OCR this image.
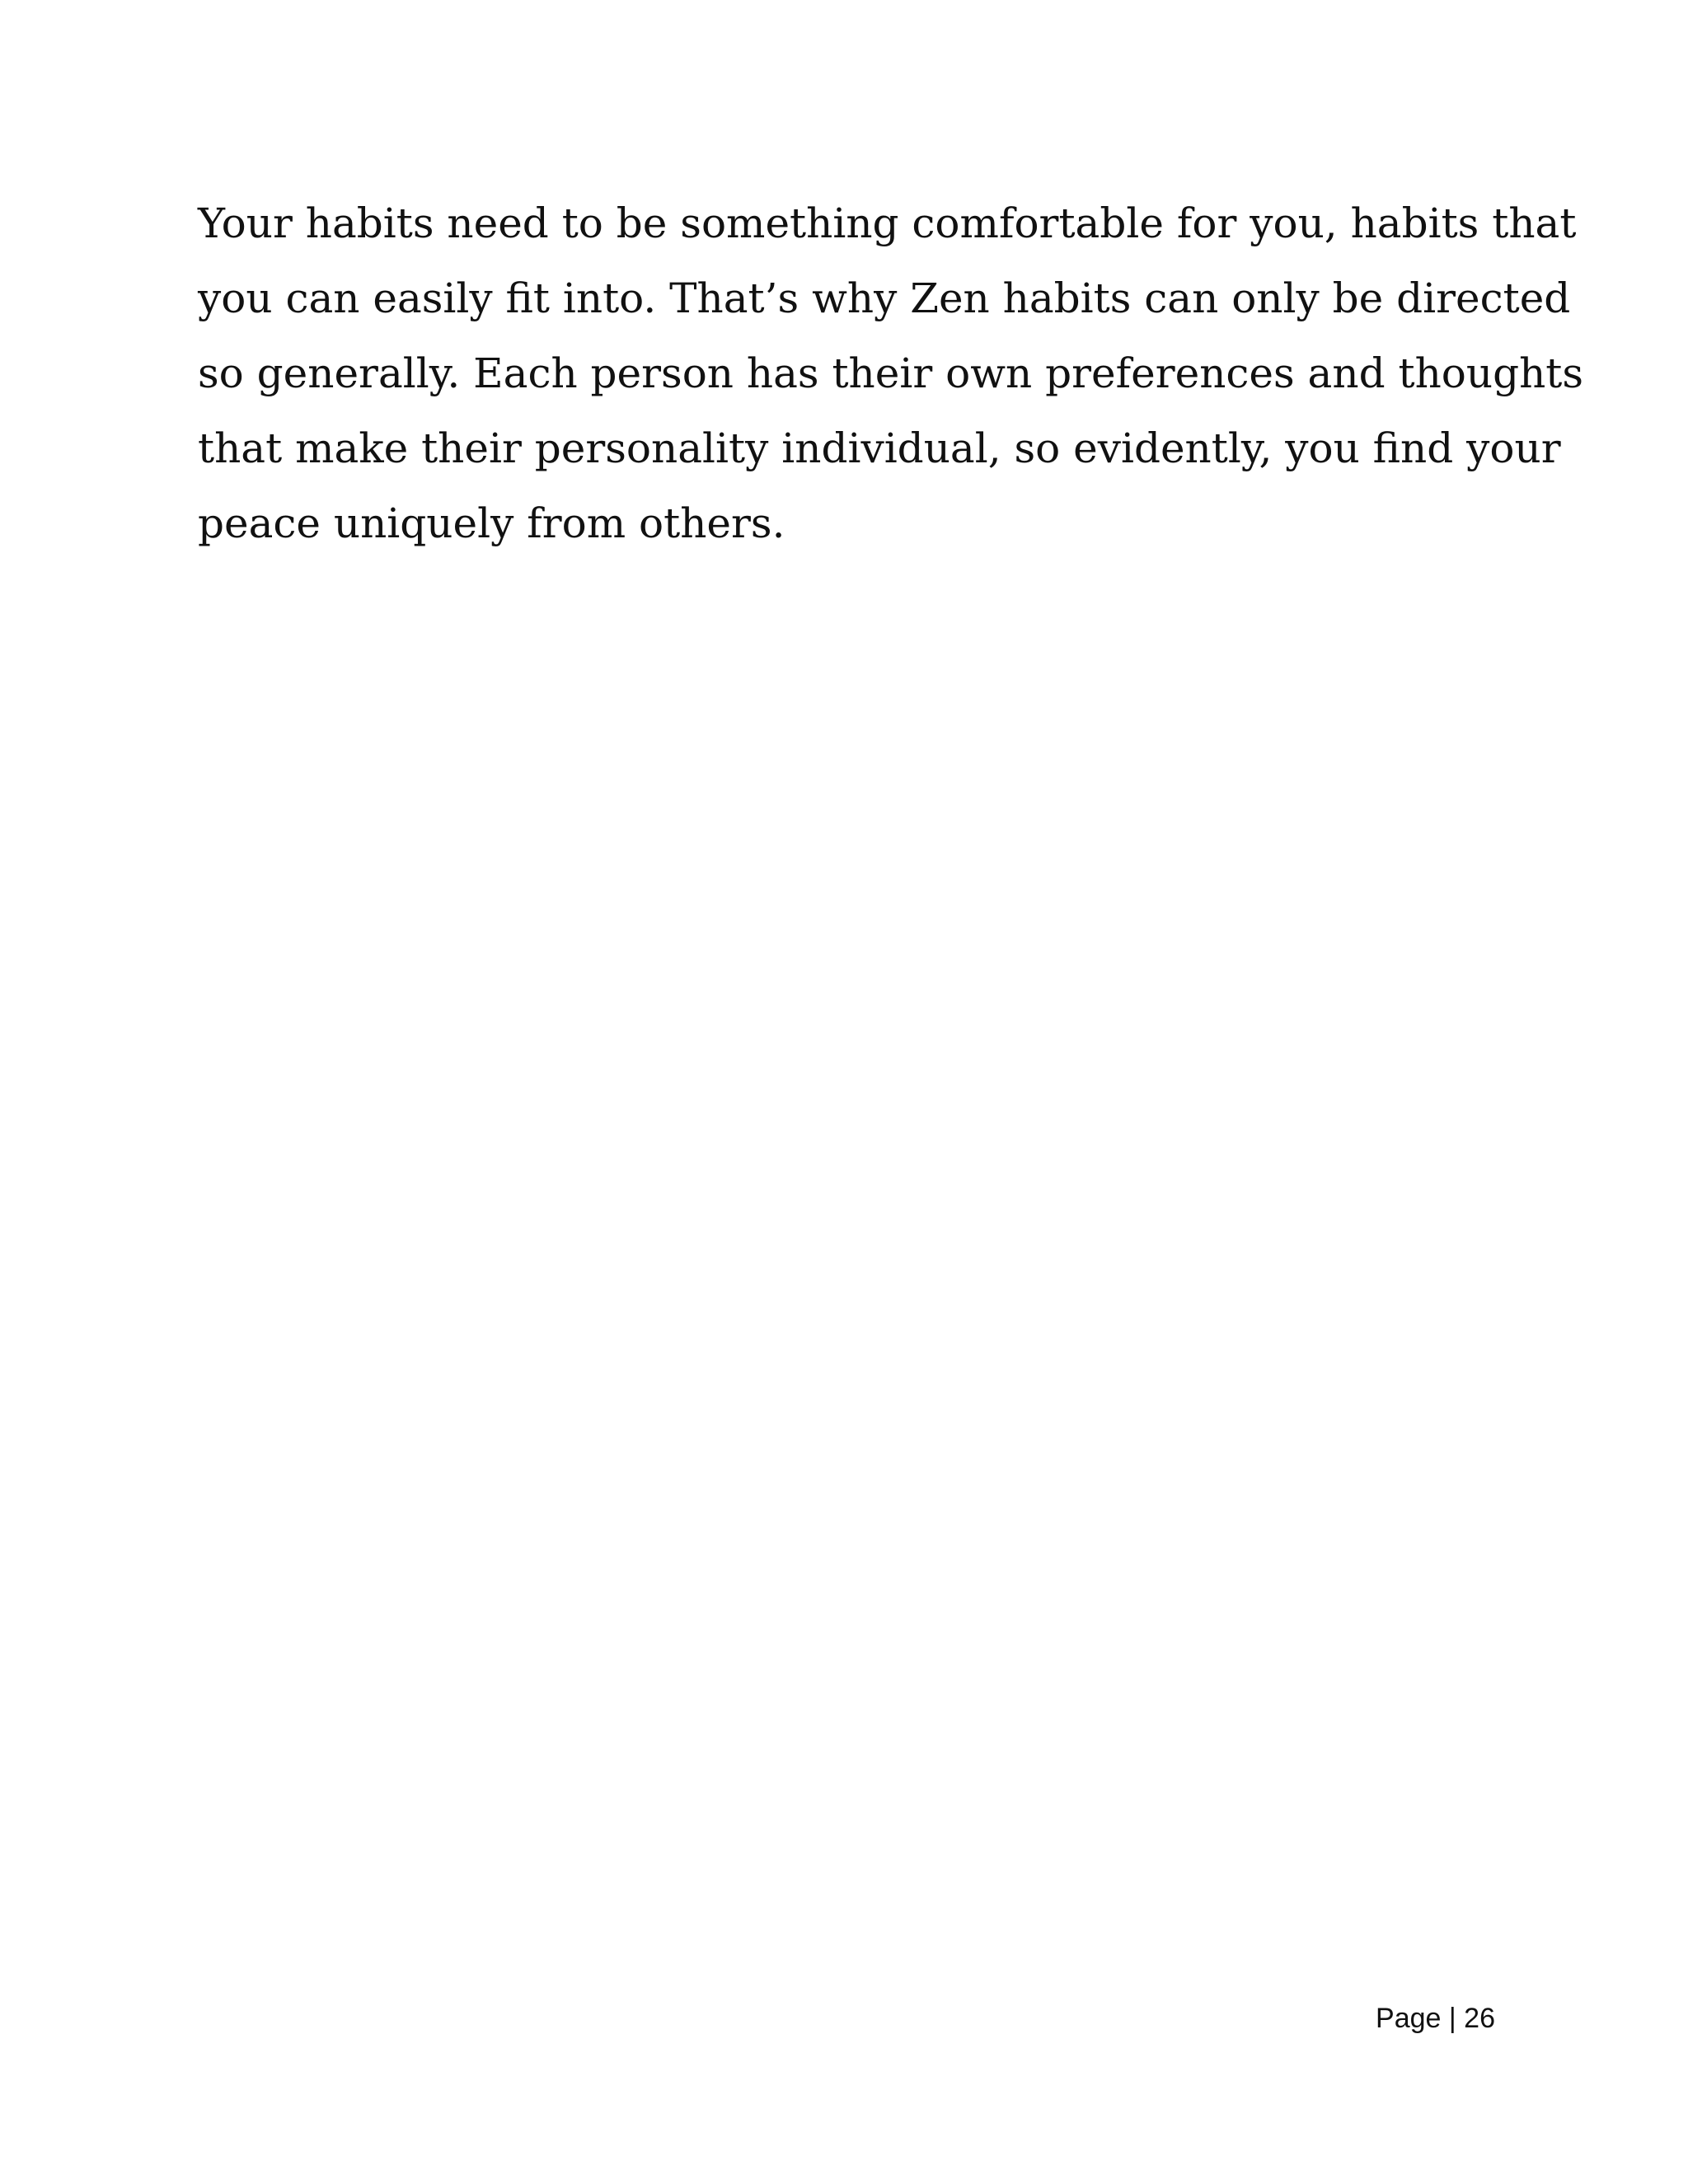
Your habits need to be something comfortable for you, habits that
you can easily fit into. That’s why Zen habits can only be directed
so generally. Each person has their own preferences and thoughts
that make their personality individual, so evidently, you find your
peace uniquely from others.

Page | 26
